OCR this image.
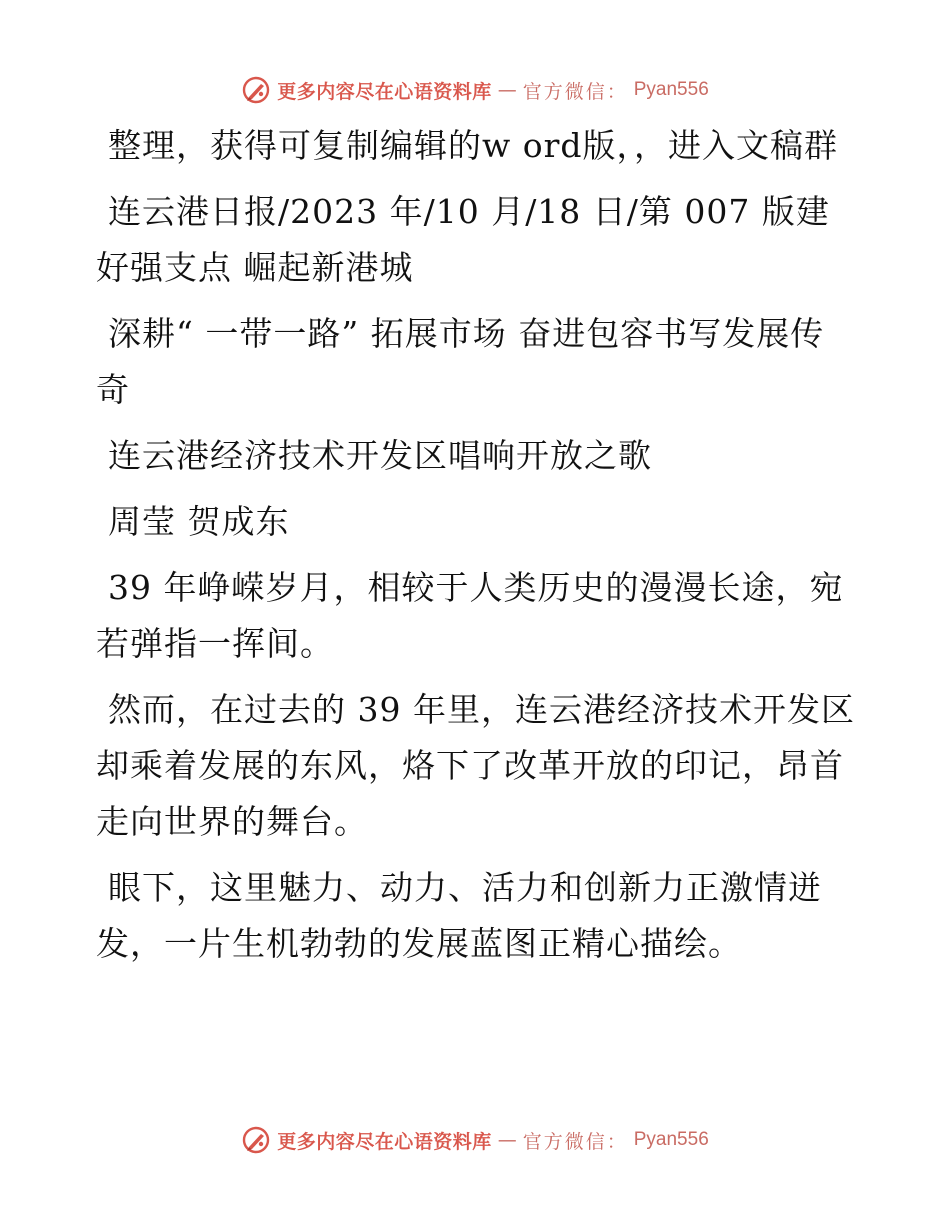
更多内容尽在心语资料库 — 官方微信： Pyan556

整理，获得可复制编辑的w ord版，，进入文稿群

连云港日报/2023 年/10 月/18 日/第 007 版建好强支点 崛起新港城

深耕“ 一带一路” 拓展市场 奋进包容书写发展传奇

连云港经济技术开发区唱响开放之歌

周莹 贺成东

39 年峥嵘岁月，相较于人类历史的漫漫长途，宛若弹指一挥间。

然而，在过去的 39 年里，连云港经济技术开发区却乘着发展的东风，烙下了改革开放的印记，昂首走向世界的舞台。

眼下，这里魅力、动力、活力和创新力正激情迸发，一片生机勃勃的发展蓝图正精心描绘。

更多内容尽在心语资料库 — 官方微信： Pyan556
